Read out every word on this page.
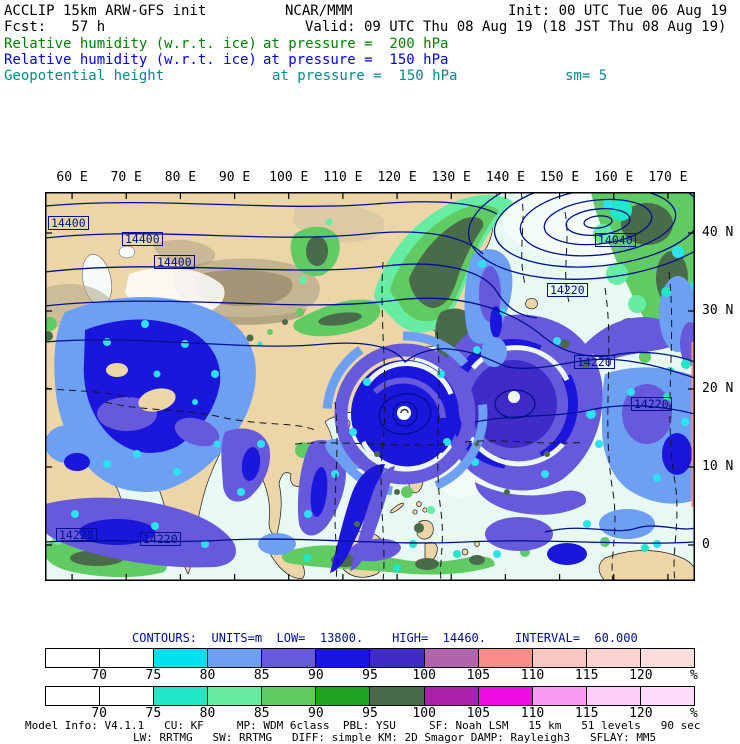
ACCLIP 15km ARW-GFS init	NCAR/MMM	Init: 00 UTC Tue 06 Aug 19
Fcst:   57 h	Valid: 09 UTC Thu 08 Aug 19 (18 JST Thu 08 Aug 19)
Relative humidity (w.r.t. ice) at pressure =  200 hPa
Relative humidity (w.r.t. ice) at pressure =  150 hPa
Geopotential height	at pressure =  150 hPa	sm= 5
60 E 70 E 80 E 90 E 100 E 110 E 120 E 130 E 140 E 150 E 160 E 170 E
40 N
30 N
20 N
10 N
0
14400
14400
14400
14040
14220
14220
14220
14220	14220
CONTOURS:  UNITS=m  LOW=  13800.    HIGH=  14460.    INTERVAL=  60.000
70	75	80	85	90	95	100 105 110 115 120	%
70	75	80	85	90	95	100 105 110 115 120	%
Model Info: V4.1.1   CU: KF     MP: WDM 6class  PBL: YSU     SF: Noah LSM   15 km   51 levels   90 sec
LW: RRTMG   SW: RRTMG   DIFF: simple KM: 2D Smagor DAMP: Rayleigh3   SFLAY: MM5
